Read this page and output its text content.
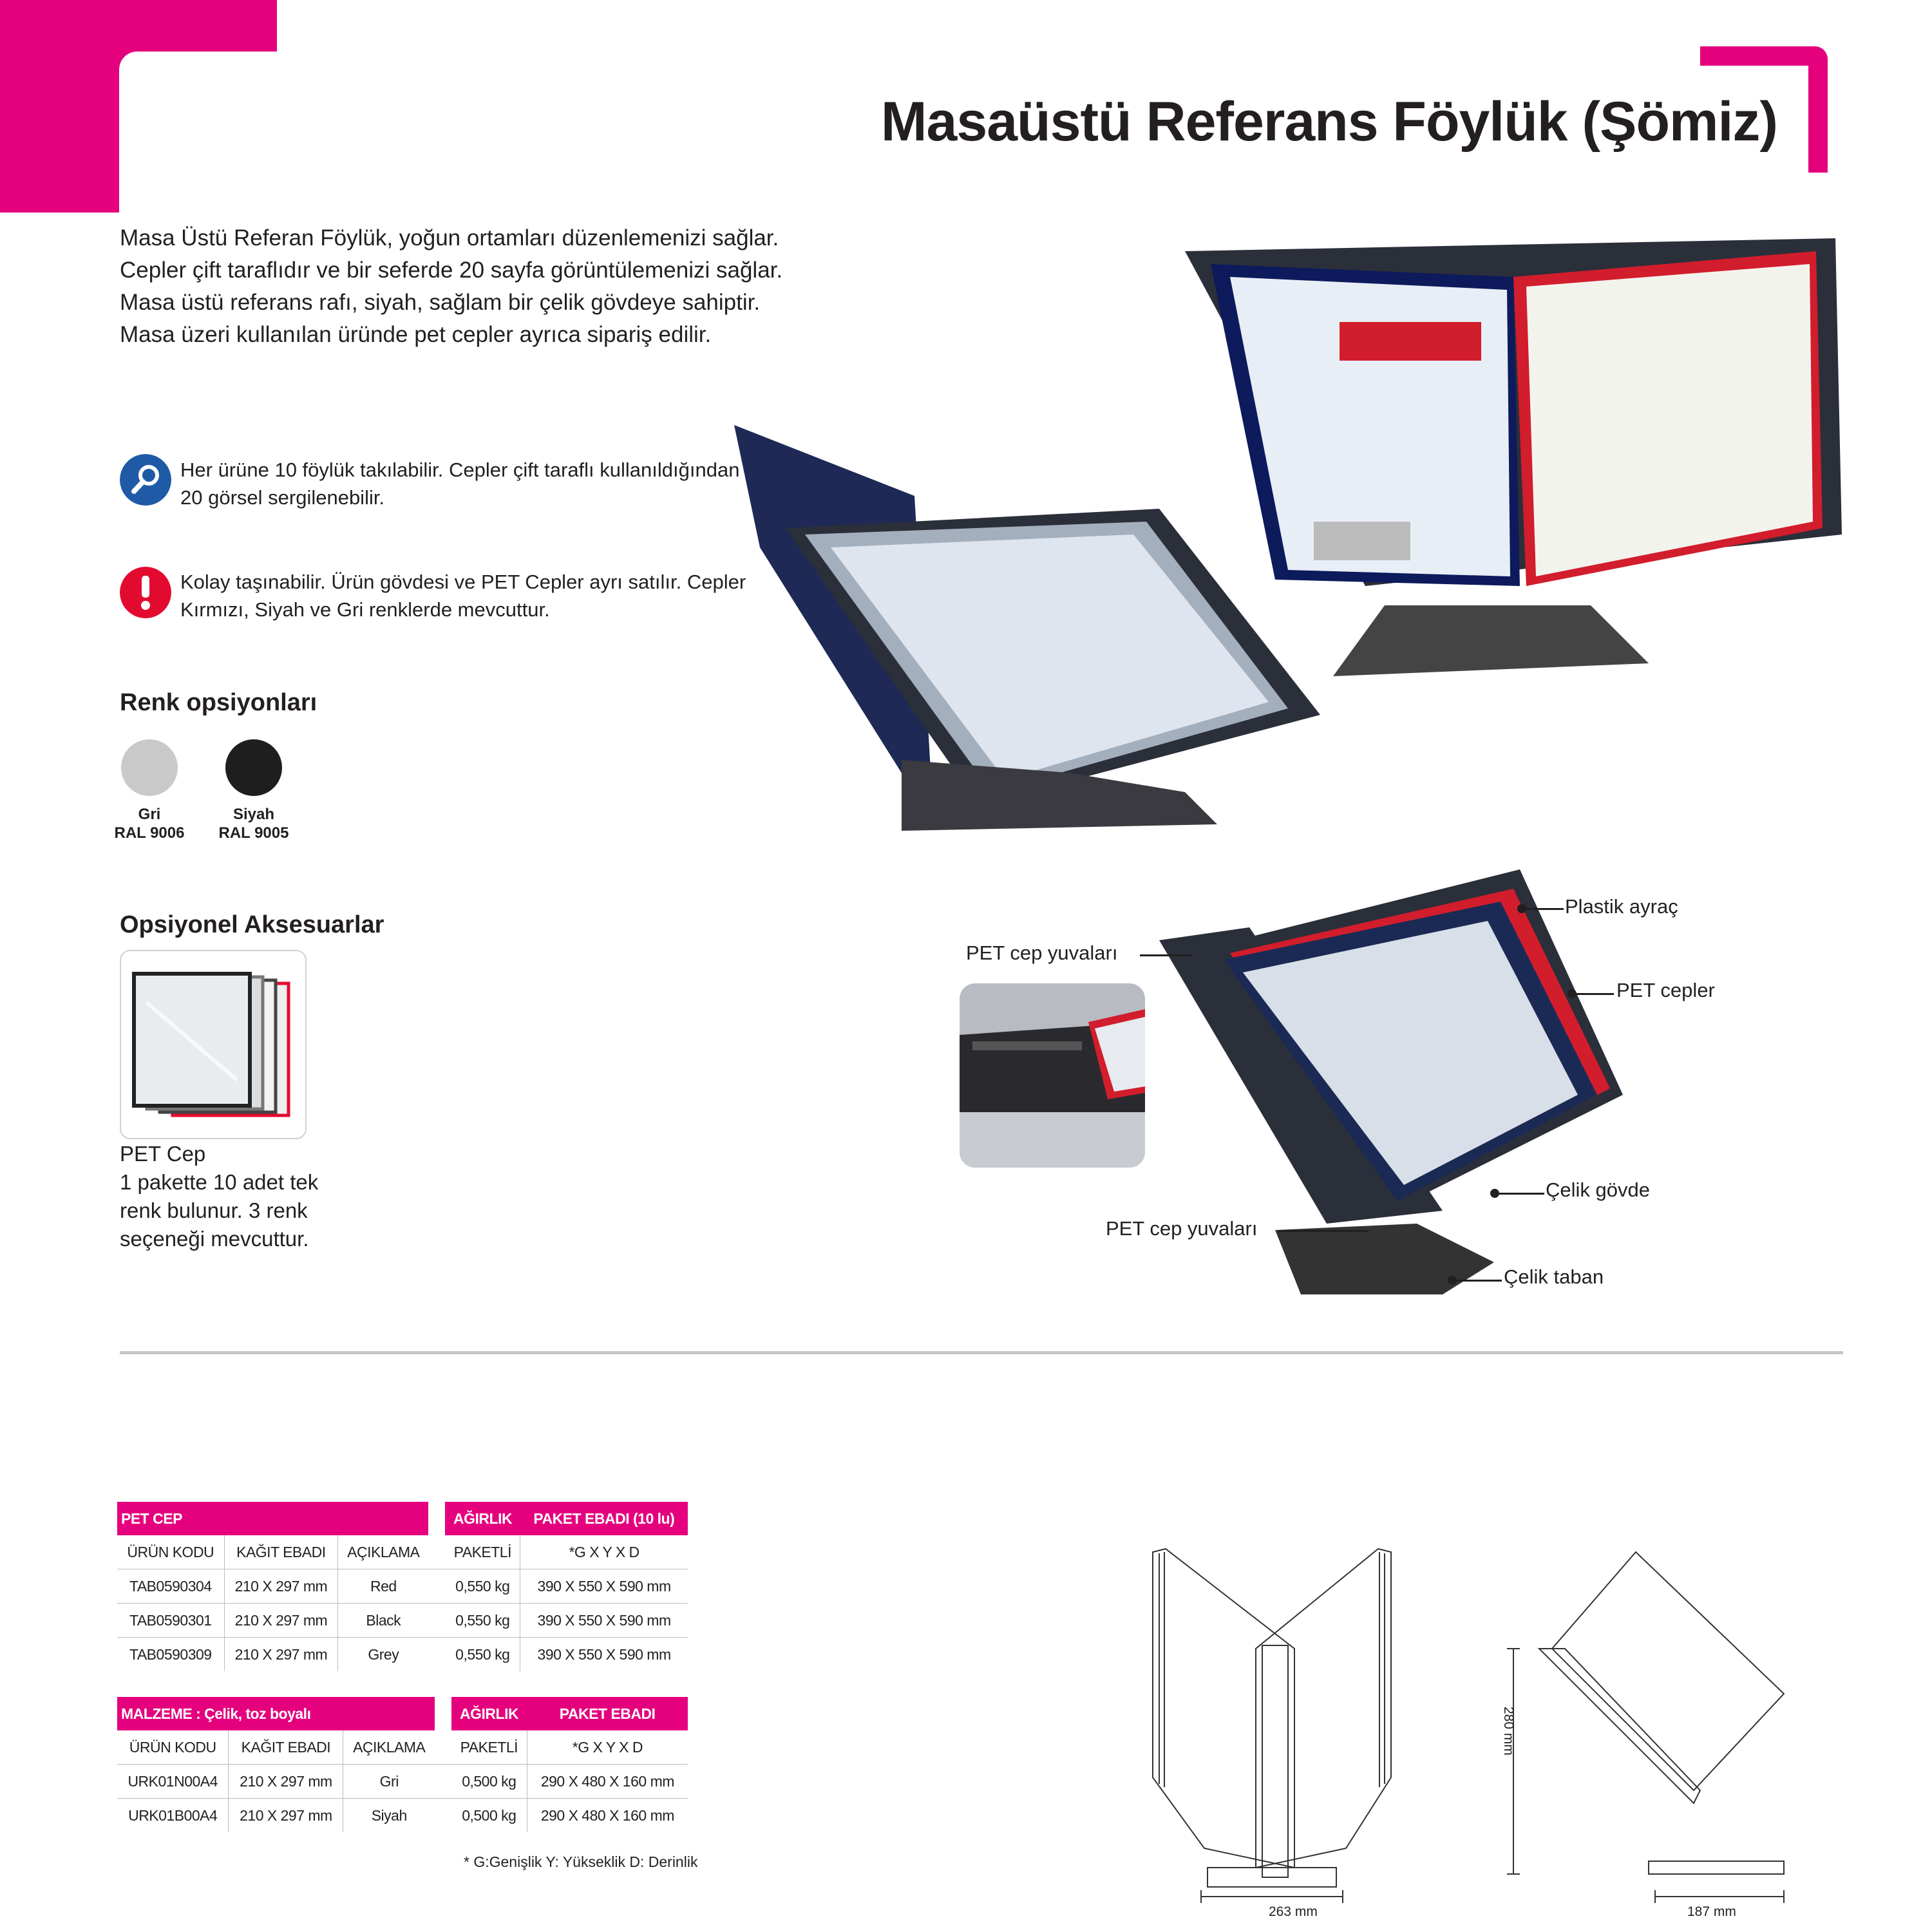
Masaüstü Referans Föylük (Şömiz)
Masa Üstü Referan Föylük, yoğun ortamları düzenlemenizi sağlar. Cepler çift taraflıdır ve bir seferde 20 sayfa görüntülemenizi sağlar. Masa üstü referans rafı, siyah, sağlam bir çelik gövdeye sahiptir. Masa üzeri kullanılan üründe pet cepler ayrıca sipariş edilir.
Her ürüne 10 föylük takılabilir. Cepler çift taraflı kullanıldığından 20 görsel sergilenebilir.
Kolay taşınabilir. Ürün gövdesi ve PET Cepler ayrı satılır. Cepler Kırmızı, Siyah ve Gri renklerde mevcuttur.
Renk opsiyonları
Gri
RAL 9006
Siyah
RAL 9005
Opsiyonel Aksesuarlar
PET Cep
1 pakette 10 adet tek
renk bulunur. 3 renk
seçeneği mevcuttur.
Plastik ayraç
PET cep yuvaları
PET cepler
Çelik gövde
PET cep yuvaları
Çelik taban
PET CEP				AĞIRLIK	PAKET EBADI (10 lu)
ÜRÜN KODU	KAĞIT EBADI	AÇIKLAMA		PAKETLİ	*G X Y X D
TAB0590304	210 X 297 mm	Red		0,550 kg	390 X 550 X 590 mm
TAB0590301	210 X 297 mm	Black		0,550 kg	390 X 550 X 590 mm
TAB0590309	210 X 297 mm	Grey		0,550 kg	390 X 550 X 590 mm
MALZEME : Çelik, toz boyalı				AĞIRLIK	PAKET EBADI
ÜRÜN KODU	KAĞIT EBADI	AÇIKLAMA		PAKETLİ	*G X Y X D
URK01N00A4	210 X 297 mm	Gri		0,500 kg	290 X 480 X 160 mm
URK01B00A4	210 X 297 mm	Siyah		0,500 kg	290 X 480 X 160 mm
* G:Genişlik Y: Yükseklik D: Derinlik
263 mm
280 mm
187 mm
